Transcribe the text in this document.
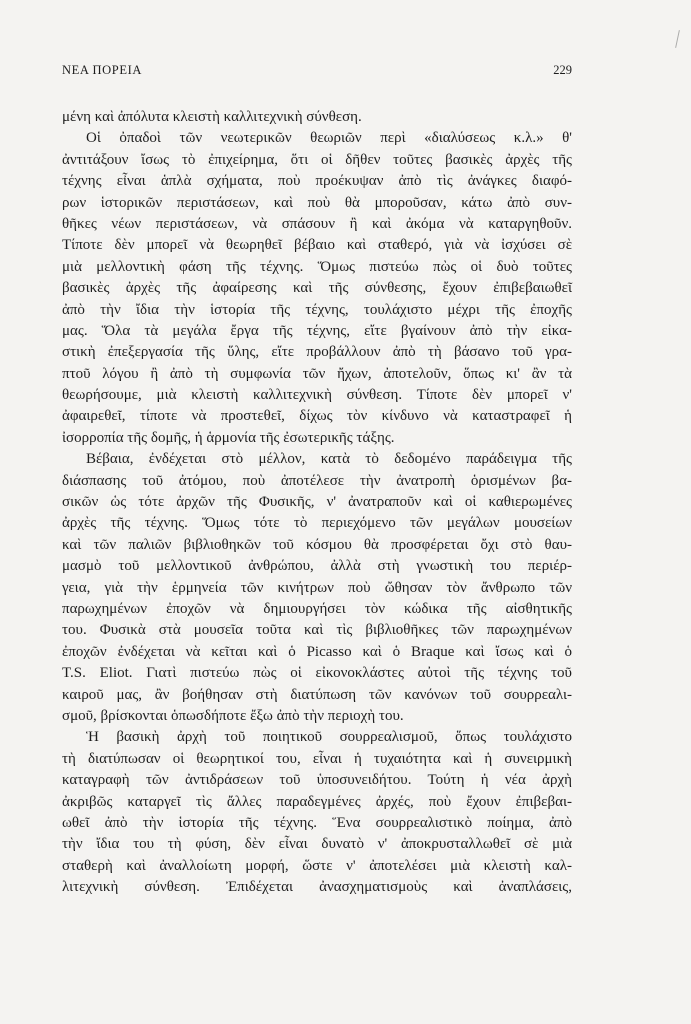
ΝΕΑ ΠΟΡΕΙΑ	229
μένη καὶ ἀπόλυτα κλειστὴ καλλιτεχνικὴ σύνθεση.
Οἱ ὀπαδοὶ τῶν νεωτερικῶν θεωριῶν περὶ «διαλύσεως κ.λ.» θ'
ἀντιτάξουν ἴσως τὸ ἐπιχείρημα, ὅτι οἱ δῆθεν τοῦτες βασικὲς ἀρχὲς τῆς
τέχνης εἶναι ἁπλὰ σχήματα, ποὺ προέκυψαν ἀπὸ τὶς ἀνάγκες διαφό-
ρων ἱστορικῶν περιστάσεων, καὶ ποὺ θὰ μποροῦσαν, κάτω ἀπὸ συν-
θῆκες νέων περιστάσεων, νὰ σπάσουν ἢ καὶ ἀκόμα νὰ καταργηθοῦν.
Τίποτε δὲν μπορεῖ νὰ θεωρηθεῖ βέβαιο καὶ σταθερό, γιὰ νὰ ἰσχύσει σὲ
μιὰ μελλοντικὴ φάση τῆς τέχνης. Ὅμως πιστεύω πὼς οἱ δυὸ τοῦτες
βασικὲς ἀρχὲς τῆς ἀφαίρεσης καὶ τῆς σύνθεσης, ἔχουν ἐπιβεβαιωθεῖ
ἀπὸ τὴν ἴδια τὴν ἱστορία τῆς τέχνης, τουλάχιστο μέχρι τῆς ἐποχῆς
μας. Ὅλα τὰ μεγάλα ἔργα τῆς τέχνης, εἴτε βγαίνουν ἀπὸ τὴν εἰκα-
στικὴ ἐπεξεργασία τῆς ὕλης, εἴτε προβάλλουν ἀπὸ τὴ βάσανο τοῦ γρα-
πτοῦ λόγου ἢ ἀπὸ τὴ συμφωνία τῶν ἤχων, ἀποτελοῦν, ὅπως κι' ἂν τὰ
θεωρήσουμε, μιὰ κλειστὴ καλλιτεχνικὴ σύνθεση. Τίποτε δὲν μπορεῖ ν'
ἀφαιρεθεῖ, τίποτε νὰ προστεθεῖ, δίχως τὸν κίνδυνο νὰ καταστραφεῖ ἡ
ἰσορροπία τῆς δομῆς, ἡ ἁρμονία τῆς ἐσωτερικῆς τάξης.
Βέβαια, ἐνδέχεται στὸ μέλλον, κατὰ τὸ δεδομένο παράδειγμα τῆς
διάσπασης τοῦ ἀτόμου, ποὺ ἀποτέλεσε τὴν ἀνατροπὴ ὁρισμένων βα-
σικῶν ὡς τότε ἀρχῶν τῆς Φυσικῆς, ν' ἀνατραποῦν καὶ οἱ καθιερωμένες
ἀρχὲς τῆς τέχνης. Ὅμως τότε τὸ περιεχόμενο τῶν μεγάλων μουσείων
καὶ τῶν παλιῶν βιβλιοθηκῶν τοῦ κόσμου θὰ προσφέρεται ὄχι στὸ θαυ-
μασμὸ τοῦ μελλοντικοῦ ἀνθρώπου, ἀλλὰ στὴ γνωστικὴ του περιέρ-
γεια, γιὰ τὴν ἑρμηνεία τῶν κινήτρων ποὺ ὤθησαν τὸν ἄνθρωπο τῶν
παρωχημένων ἐποχῶν νὰ δημιουργήσει τὸν κώδικα τῆς αἰσθητικῆς
του. Φυσικὰ στὰ μουσεῖα τοῦτα καὶ τὶς βιβλιοθῆκες τῶν παρωχημένων
ἐποχῶν ἐνδέχεται νὰ κεῖται καὶ ὁ Picasso καὶ ὁ Braque καὶ ἴσως καὶ ὁ
T.S. Eliot. Γιατὶ πιστεύω πὼς οἱ εἰκονοκλάστες αὐτοὶ τῆς τέχνης τοῦ
καιροῦ μας, ἂν βοήθησαν στὴ διατύπωση τῶν κανόνων τοῦ σουρρεαλι-
σμοῦ, βρίσκονται ὁπωσδήποτε ἔξω ἀπὸ τὴν περιοχὴ του.
Ἡ βασικὴ ἀρχὴ τοῦ ποιητικοῦ σουρρεαλισμοῦ, ὅπως τουλάχιστο
τὴ διατύπωσαν οἱ θεωρητικοί του, εἶναι ἡ τυχαιότητα καὶ ἡ συνειρμικὴ
καταγραφὴ τῶν ἀντιδράσεων τοῦ ὑποσυνειδήτου. Τούτη ἡ νέα ἀρχὴ
ἀκριβῶς καταργεῖ τὶς ἄλλες παραδεγμένες ἀρχές, ποὺ ἔχουν ἐπιβεβαι-
ωθεῖ ἀπὸ τὴν ἱστορία τῆς τέχνης. Ἕνα σουρρεαλιστικὸ ποίημα, ἀπὸ
τὴν ἴδια του τὴ φύση, δὲν εἶναι δυνατὸ ν' ἀποκρυσταλλωθεῖ σὲ μιὰ
σταθερὴ καὶ ἀναλλοίωτη μορφή, ὥστε ν' ἀποτελέσει μιὰ κλειστὴ καλ-
λιτεχνικὴ σύνθεση. Ἐπιδέχεται ἀνασχηματισμοὺς καὶ ἀναπλάσεις,
